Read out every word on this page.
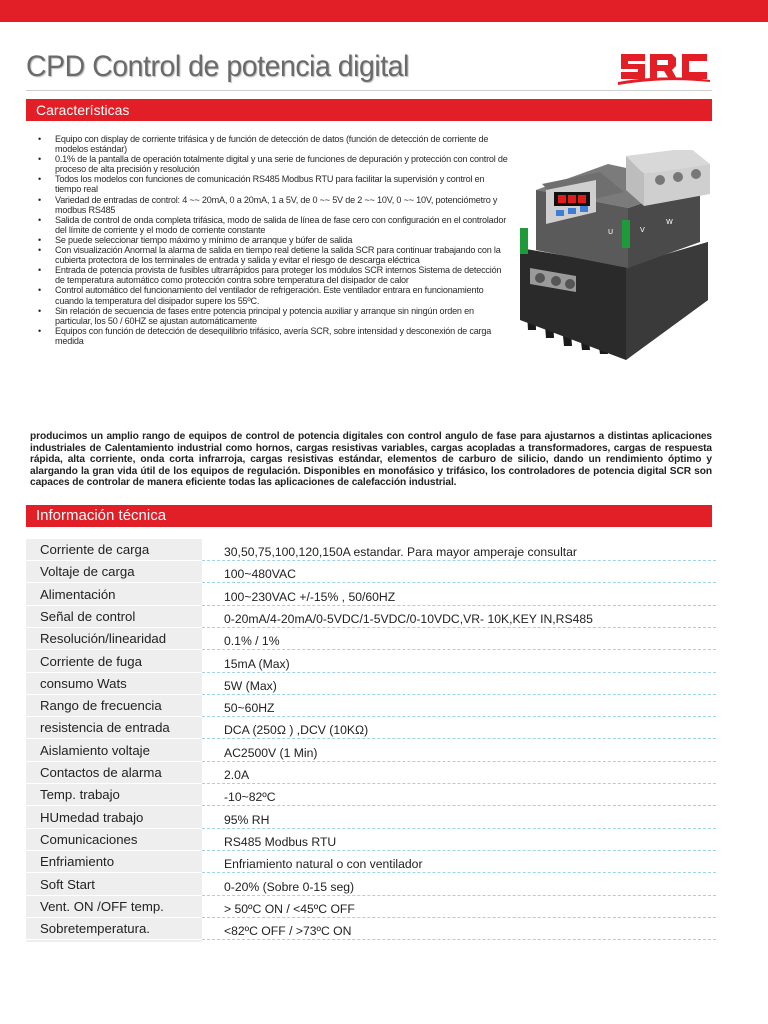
CPD Control de potencia digital
Características
• Equipo con display de corriente trifásica y de función de detección de datos (función de detección de corriente de modelos estándar)
• 0.1% de la pantalla de operación totalmente digital y una serie de funciones de depuración y protección con control de proceso de alta precisión y resolución
• Todos los modelos con funciones de comunicación RS485 Modbus RTU para facilitar la supervisión y control en tiempo real
• Variedad de entradas de control: 4 ~~ 20mA, 0 a 20mA, 1 a 5V, de 0 ~~ 5V de 2 ~~ 10V, 0 ~~ 10V, potenciómetro y modbus RS485
• Salida de control de onda completa trifásica, modo de salida de línea de fase cero con configuración en el controlador del límite de corriente y el modo de corriente constante
• Se puede seleccionar tiempo máximo y mínimo de arranque y búfer de salida
• Con visualización Anormal la alarma de salida en tiempo real detiene la salida SCR para continuar trabajando con la cubierta protectora de los terminales de entrada y salida y evitar el riesgo de descarga eléctrica
• Entrada de potencia provista de fusibles ultrarrápidos para proteger los módulos SCR internos Sistema de detección de temperatura automático como protección contra sobre temperatura del disipador de calor
• Control automático del funcionamiento del ventilador de refrigeración. Este ventilador entrara en funcionamiento cuando la temperatura del disipador supere los 55ºC.
• Sin relación de secuencia de fases entre potencia principal y potencia auxiliar y arranque sin ningún orden en particular, los 50 / 60HZ se ajustan automáticamente
• Equipos con función de detección de desequilibrio trifásico, avería SCR, sobre intensidad y desconexión de carga medida
U	V
W

producimos un amplio rango de equipos de control de potencia digitales con control angulo de fase para ajustarnos a distintas aplicaciones industriales de Calentamiento industrial como hornos, cargas resistivas variables, cargas acopladas a transformadores, cargas de respuesta rápida, alta corriente, onda corta infrarroja, cargas resistivas estándar, elementos de carburo de silicio, dando un rendimiento óptimo y alargando la gran vida útil de los equipos de regulación. Disponibles en monofásico y trifásico, los controladores de potencia digital SCR son capaces de controlar de manera eficiente todas las aplicaciones de calefacción industrial.

Información técnica
Corriente de carga	30,50,75,100,120,150A estandar. Para mayor amperaje consultar
Voltaje de carga	100~480VAC
Alimentación	100~230VAC +/-15% , 50/60HZ
Señal de control	0-20mA/4-20mA/0-5VDC/1-5VDC/0-10VDC,VR- 10K,KEY IN,RS485
Resolución/linearidad	0.1% / 1%
Corriente de fuga	15mA (Max)
consumo Wats	5W (Max)
Rango de frecuencia	50~60HZ
resistencia de entrada	DCA (250Ω ) ,DCV (10KΩ)
Aislamiento voltaje	AC2500V (1 Min)
Contactos de alarma	2.0A
Temp. trabajo	-10~82ºC
HUmedad trabajo	95% RH
Comunicaciones	RS485 Modbus RTU
Enfriamiento	Enfriamiento natural o con ventilador
Soft Start	0-20% (Sobre 0-15 seg)
Vent. ON /OFF temp.	> 50ºC ON / <45ºC OFF
Sobretemperatura.	<82ºC OFF / >73ºC ON
